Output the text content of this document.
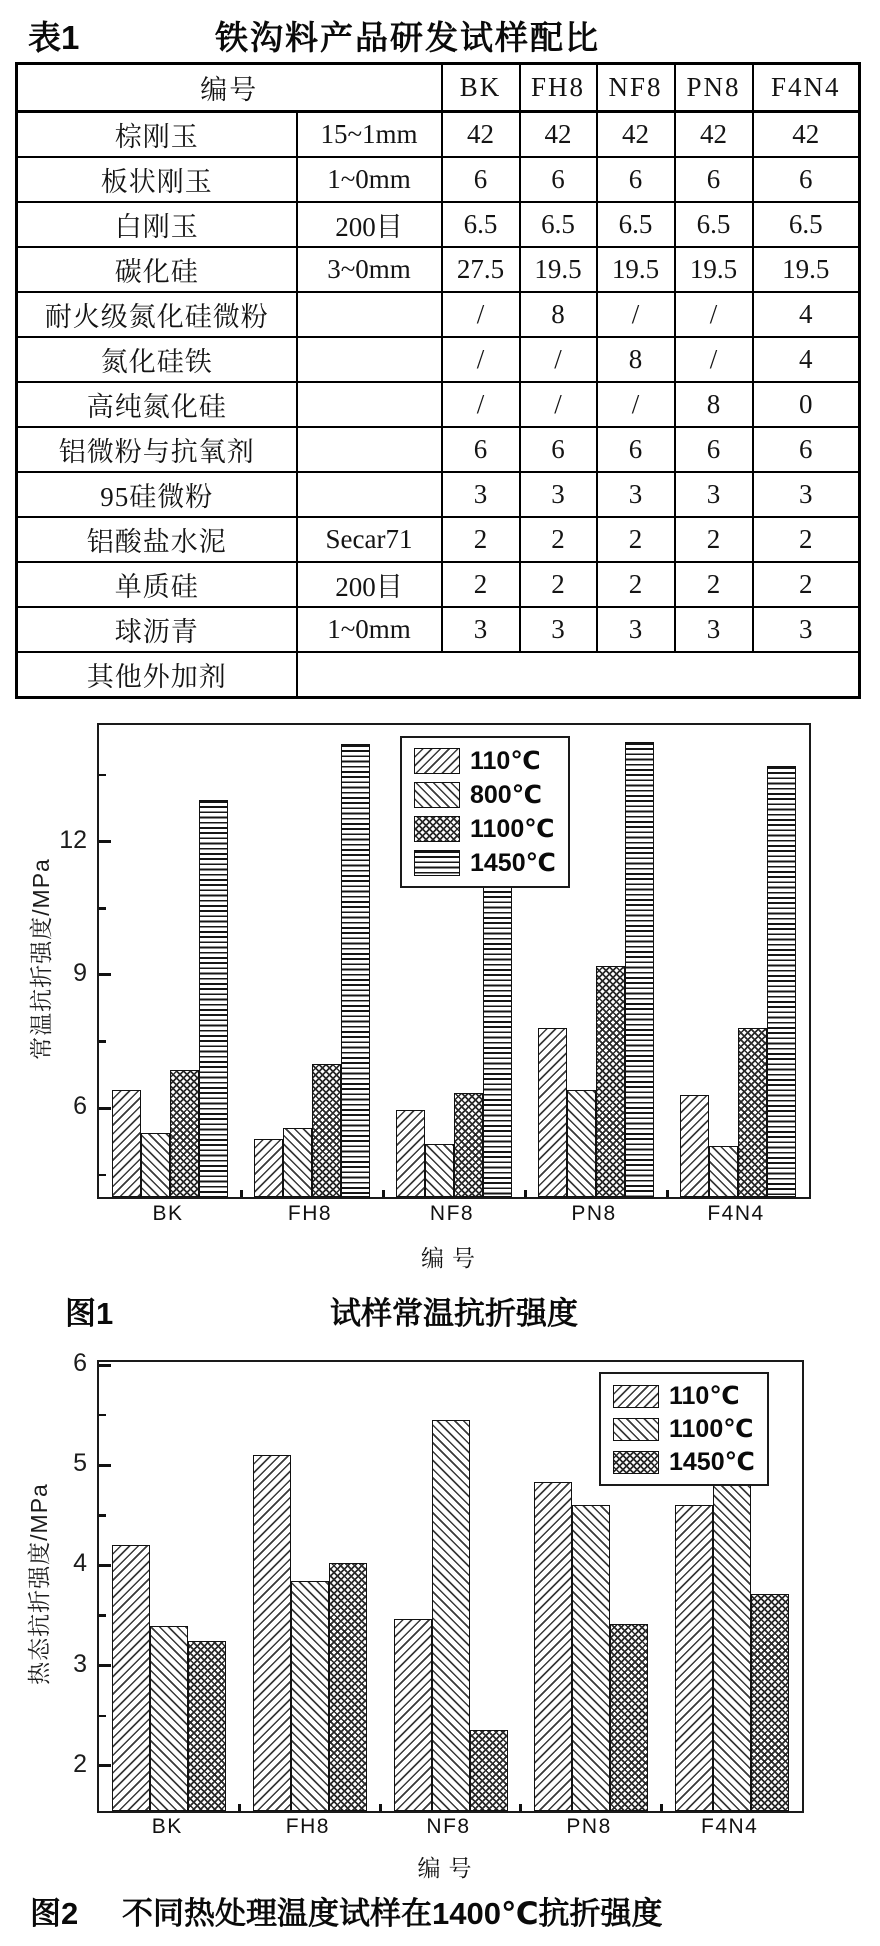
表1	铁沟料产品研发试样配比
编号		BK	FH8	NF8	PN8	F4N4
棕刚玉	15~1mm	42	42	42	42	42
板状刚玉	1~0mm	6	6	6	6	6
白刚玉	200目	6.5	6.5	6.5	6.5	6.5
碳化硅	3~0mm	27.5	19.5	19.5	19.5	19.5
耐火级氮化硅微粉		/	8	/	/	4
氮化硅铁		/	/	8	/	4
高纯氮化硅		/	/	/	8	0
铝微粉与抗氧剂		6	6	6	6	6
95硅微粉		3	3	3	3	3
铝酸盐水泥	Secar71	2	2	2	2	2
单质硅	200目	2	2	2	2	2
球沥青	1~0mm	3	3	3	3	3
其他外加剂						
图1	试样常温抗折强度
图2 不同热处理温度试样在1400℃抗折强度
110℃
800℃
1100℃
1450℃
6
9
12
BK	FH8	NF8	PN8	F4N4
编号
常温抗折强度/MPa
110℃
1100℃
1450℃
2
3
4
5
6
BK	FH8	NF8	PN8	F4N4
编号
热态抗折强度/MPa
